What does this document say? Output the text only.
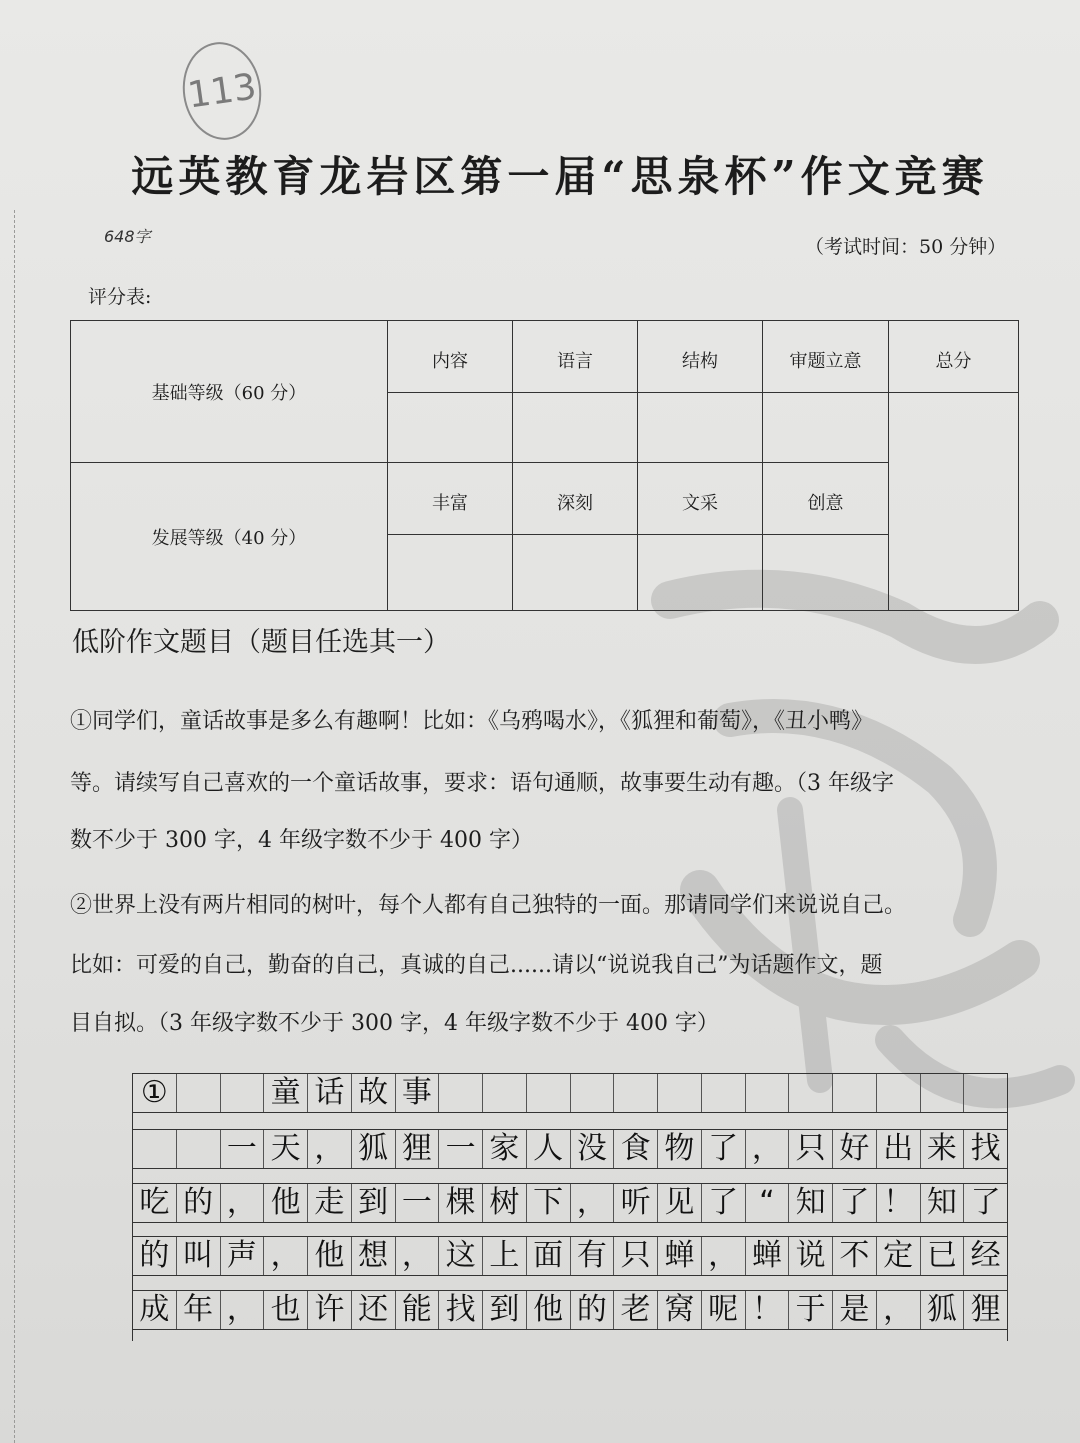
113
远英教育龙岩区第一届“思泉杯”作文竞赛
648字	（考试时间：50 分钟）
评分表:
基础等级（60 分）	内容	语言	结构	审题立意	总分

发展等级（40 分）	丰富	深刻	文采	创意	

低阶作文题目（题目任选其一）
①同学们，童话故事是多么有趣啊！比如：《乌鸦喝水》，《狐狸和葡萄》，《丑小鸭》
等。请续写自己喜欢的一个童话故事，要求：语句通顺，故事要生动有趣。（3 年级字
数不少于 300 字，4 年级字数不少于 400 字）
②世界上没有两片相同的树叶，每个人都有自己独特的一面。那请同学们来说说自己。
比如：可爱的自己，勤奋的自己，真诚的自己......请以“说说我自己”为话题作文，题
目自拟。（3 年级字数不少于 300 字，4 年级字数不少于 400 字）
①	童 话 故 事
一 天 ， 狐 狸 一 家 人 没 食 物 了 ， 只 好 出 来 找
吃 的 ， 他 走 到 一 棵 树 下 ， 听 见 了 “ 知 了 ！ 知 了
的 叫 声 ， 他 想 ， 这 上 面 有 只 蝉 ， 蝉 说 不 定 已 经
成 年 ， 也 许 还 能 找 到 他 的 老 窝 呢 ！ 于 是 ， 狐 狸
